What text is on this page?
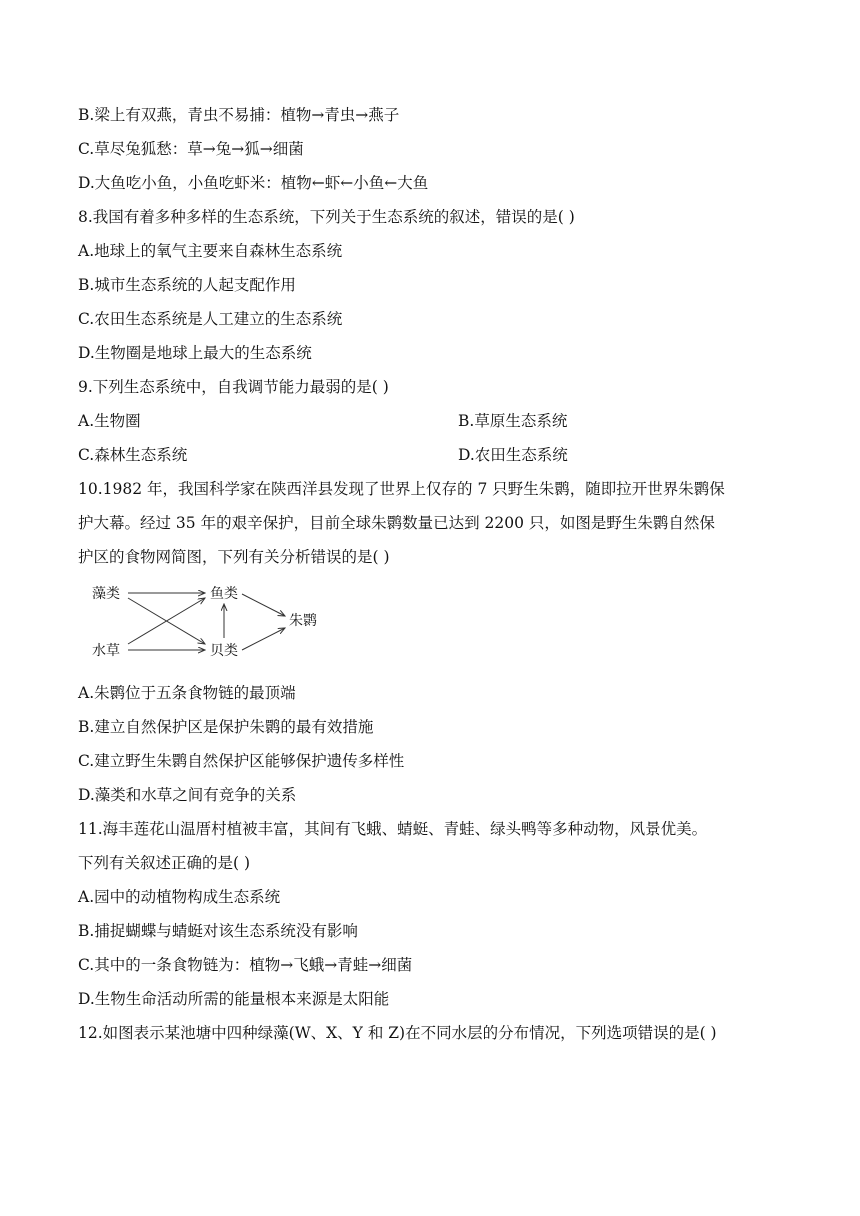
B.梁上有双燕，青虫不易捕：植物→青虫→燕子
C.草尽兔狐愁：草→兔→狐→细菌
D.大鱼吃小鱼，小鱼吃虾米：植物←虾←小鱼←大鱼
8.我国有着多种多样的生态系统，下列关于生态系统的叙述，错误的是( )
A.地球上的氧气主要来自森林生态系统
B.城市生态系统的人起支配作用
C.农田生态系统是人工建立的生态系统
D.生物圈是地球上最大的生态系统
9.下列生态系统中，自我调节能力最弱的是( )
A.生物圈	B.草原生态系统
C.森林生态系统	D.农田生态系统
10.1982 年，我国科学家在陕西洋县发现了世界上仅存的 7 只野生朱鹮，随即拉开世界朱鹮保
护大幕。经过 35 年的艰辛保护，目前全球朱鹮数量已达到 2200 只，如图是野生朱鹮自然保
护区的食物网简图，下列有关分析错误的是( )
藻类	鱼类
朱鹮
水草	贝类
A.朱鹮位于五条食物链的最顶端
B.建立自然保护区是保护朱鹮的最有效措施
C.建立野生朱鹮自然保护区能够保护遗传多样性
D.藻类和水草之间有竞争的关系
11.海丰莲花山温厝村植被丰富，其间有飞蛾、蜻蜓、青蛙、绿头鸭等多种动物，风景优美。
下列有关叙述正确的是( )
A.园中的动植物构成生态系统
B.捕捉蝴蝶与蜻蜓对该生态系统没有影响
C.其中的一条食物链为：植物→飞蛾→青蛙→细菌
D.生物生命活动所需的能量根本来源是太阳能
12.如图表示某池塘中四种绿藻(W、X、Y 和 Z)在不同水层的分布情况，下列选项错误的是( )
